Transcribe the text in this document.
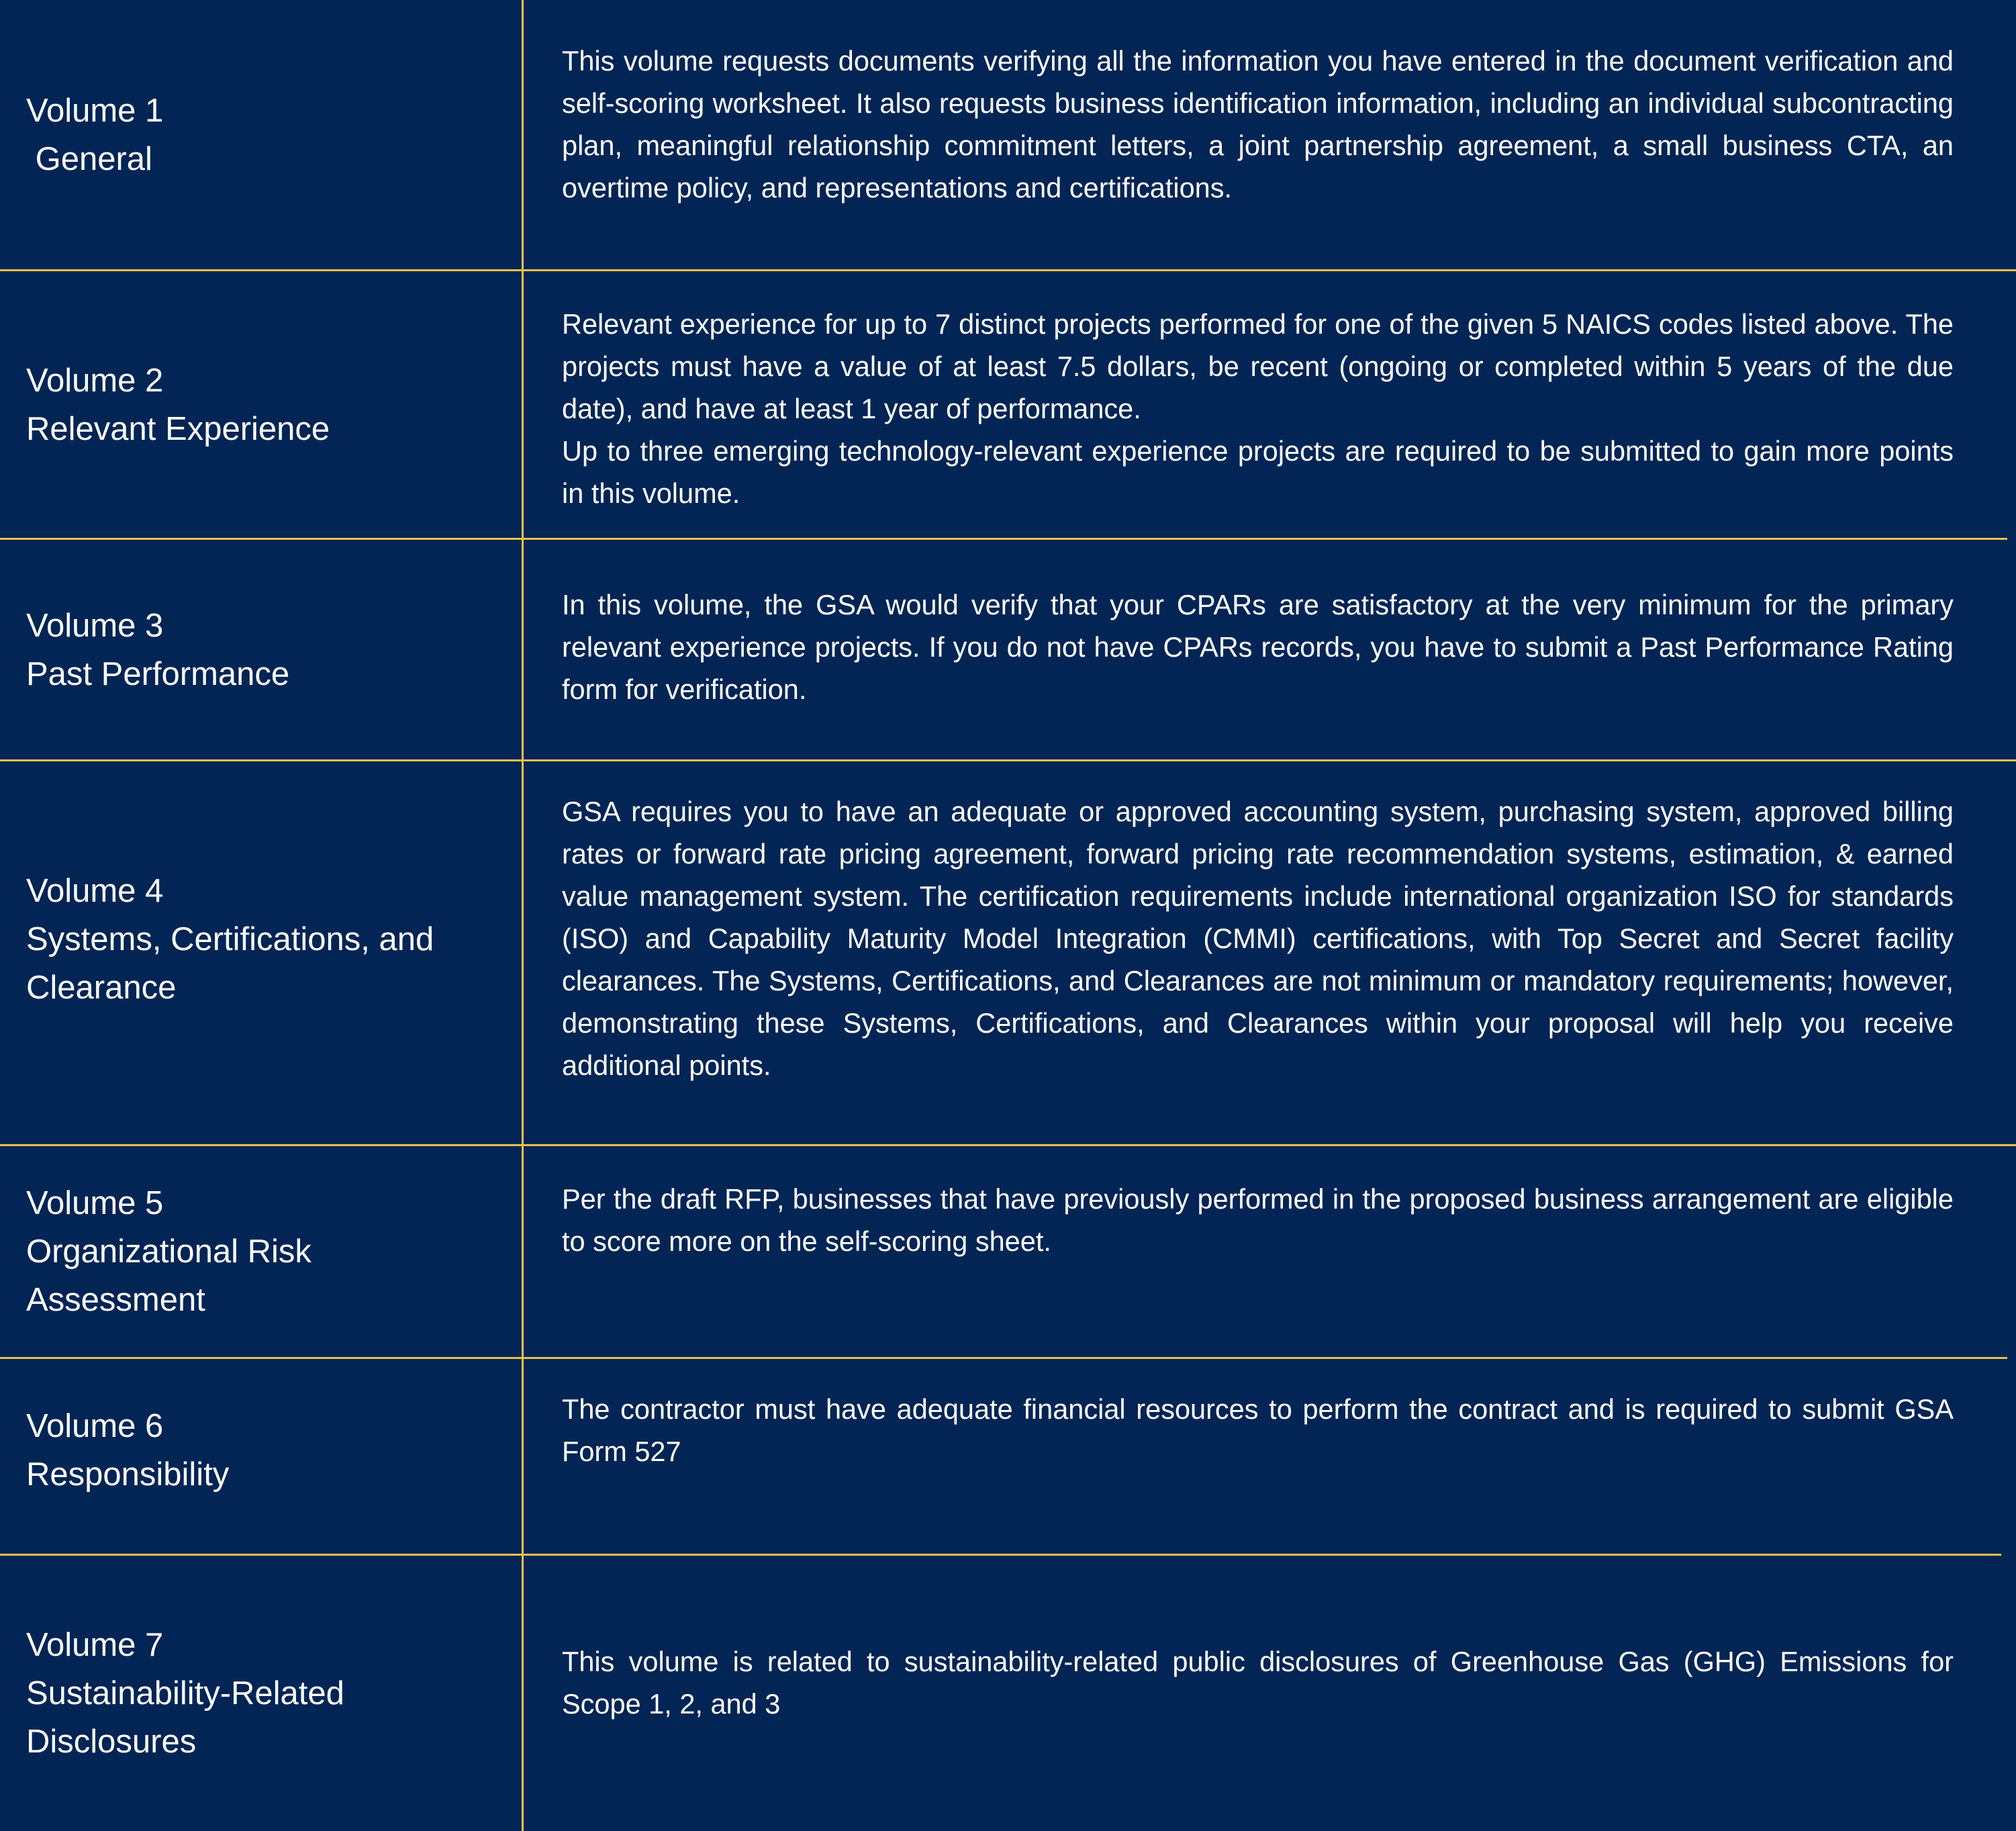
Volume 1
General

This volume requests documents verifying all the information you have entered in the document verification and self-scoring worksheet. It also requests business identification information, including an individual subcontracting plan, meaningful relationship commitment letters, a joint partnership agreement, a small business CTA, an overtime policy, and representations and certifications.

Volume 2
Relevant Experience

Relevant experience for up to 7 distinct projects performed for one of the given 5 NAICS codes listed above. The projects must have a value of at least 7.5 dollars, be recent (ongoing or completed within 5 years of the due date), and have at least 1 year of performance.

Up to three emerging technology-relevant experience projects are required to be submitted to gain more points in this volume.

Volume 3
Past Performance

In this volume, the GSA would verify that your CPARs are satisfactory at the very minimum for the primary relevant experience projects. If you do not have CPARs records, you have to submit a Past Performance Rating form for verification.

Volume 4
Systems, Certifications, and Clearance

GSA requires you to have an adequate or approved accounting system, purchasing system, approved billing rates or forward rate pricing agreement, forward pricing rate recommendation systems, estimation, & earned value management system. The certification requirements include international organization ISO for standards (ISO) and Capability Maturity Model Integration (CMMI) certifications, with Top Secret and Secret facility clearances. The Systems, Certifications, and Clearances are not minimum or mandatory requirements; however, demonstrating these Systems, Certifications, and Clearances within your proposal will help you receive additional points.

Volume 5
Organizational Risk Assessment

Per the draft RFP, businesses that have previously performed in the proposed business arrangement are eligible to score more on the self-scoring sheet.

Volume 6
Responsibility

The contractor must have adequate financial resources to perform the contract and is required to submit GSA Form 527

Volume 7
Sustainability-Related Disclosures

This volume is related to sustainability-related public disclosures of Greenhouse Gas (GHG) Emissions for Scope 1, 2, and 3
